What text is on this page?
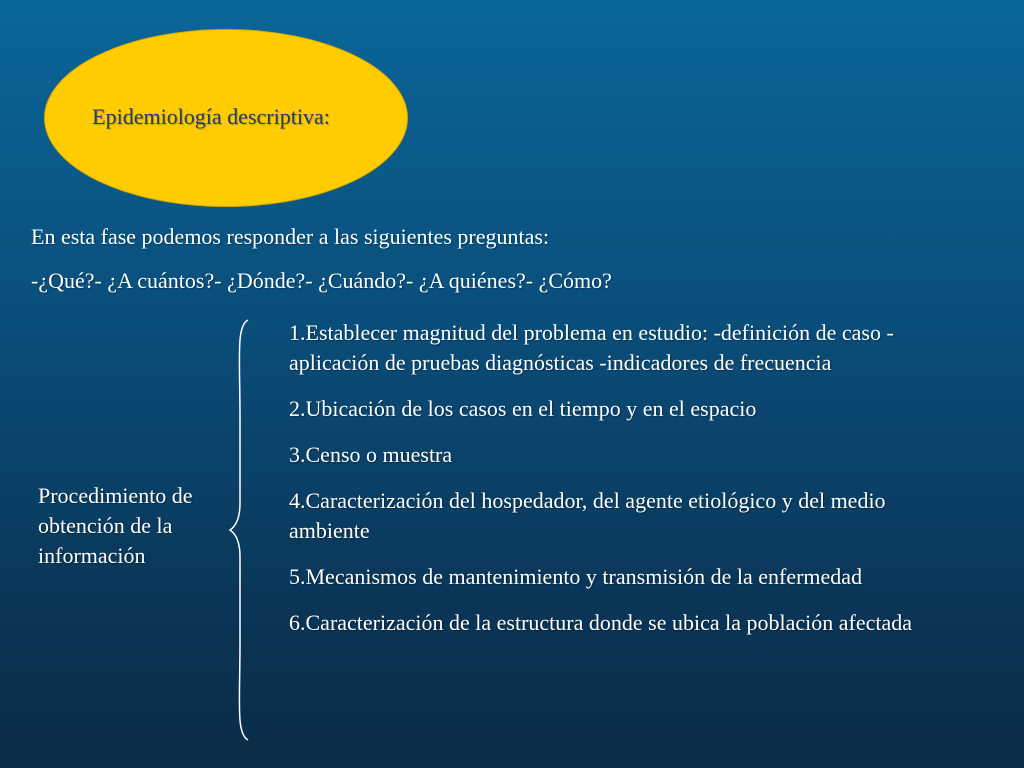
Epidemiología descriptiva:
En esta fase podemos responder a las siguientes preguntas:
-¿Qué?- ¿A cuántos?- ¿Dónde?- ¿Cuándo?- ¿A quiénes?- ¿Cómo?
Procedimiento de obtención de la información
1.Establecer magnitud del problema en estudio: -definición de caso -aplicación de pruebas diagnósticas -indicadores de frecuencia
2.Ubicación de los casos en el tiempo y en el espacio
3.Censo o muestra
4.Caracterización del hospedador, del agente etiológico y del medio ambiente
5.Mecanismos de mantenimiento y transmisión de la enfermedad
6.Caracterización de la estructura donde se ubica la población afectada
